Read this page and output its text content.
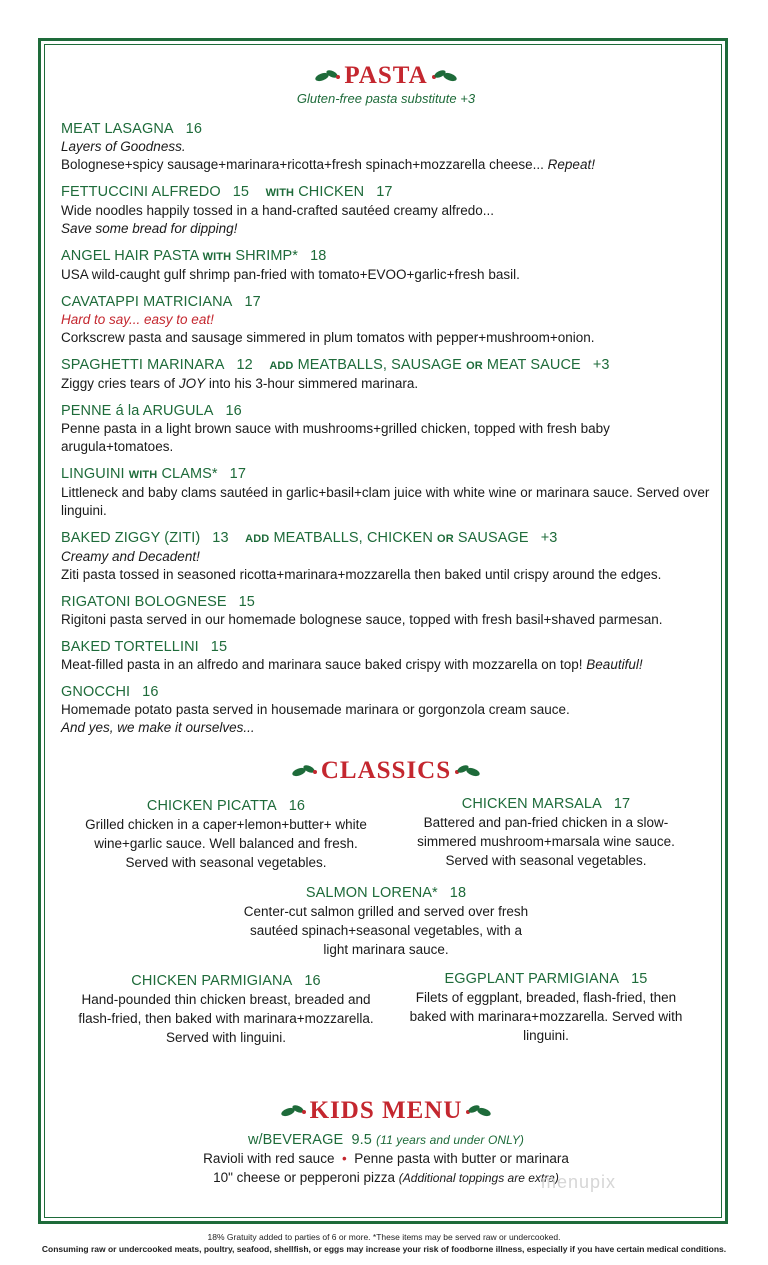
PASTA
Gluten-free pasta substitute +3
MEAT LASAGNA 16
Layers of Goodness.
Bolognese+spicy sausage+marinara+ricotta+fresh spinach+mozzarella cheese... Repeat!
FETTUCCINI ALFREDO 15 WITH CHICKEN 17
Wide noodles happily tossed in a hand-crafted sautéed creamy alfredo...
Save some bread for dipping!
ANGEL HAIR PASTA WITH SHRIMP* 18
USA wild-caught gulf shrimp pan-fried with tomato+EVOO+garlic+fresh basil.
CAVATAPPI MATRICIANA 17
Hard to say... easy to eat!
Corkscrew pasta and sausage simmered in plum tomatos with pepper+mushroom+onion.
SPAGHETTI MARINARA 12 ADD MEATBALLS, SAUSAGE OR MEAT SAUCE +3
Ziggy cries tears of JOY into his 3-hour simmered marinara.
PENNE á la ARUGULA 16
Penne pasta in a light brown sauce with mushrooms+grilled chicken, topped with fresh baby arugula+tomatoes.
LINGUINI WITH CLAMS* 17
Littleneck and baby clams sautéed in garlic+basil+clam juice with white wine or marinara sauce. Served over linguini.
BAKED ZIGGY (ZITI) 13 ADD MEATBALLS, CHICKEN OR SAUSAGE +3
Creamy and Decadent!
Ziti pasta tossed in seasoned ricotta+marinara+mozzarella then baked until crispy around the edges.
RIGATONI BOLOGNESE 15
Rigitoni pasta served in our homemade bolognese sauce, topped with fresh basil+shaved parmesan.
BAKED TORTELLINI 15
Meat-filled pasta in an alfredo and marinara sauce baked crispy with mozzarella on top! Beautiful!
GNOCCHI 16
Homemade potato pasta served in housemade marinara or gorgonzola cream sauce.
And yes, we make it ourselves...
CLASSICS
CHICKEN PICATTA 16
Grilled chicken in a caper+lemon+butter+ white wine+garlic sauce. Well balanced and fresh. Served with seasonal vegetables.
CHICKEN MARSALA 17
Battered and pan-fried chicken in a slow-simmered mushroom+marsala wine sauce. Served with seasonal vegetables.
SALMON LORENA* 18
Center-cut salmon grilled and served over fresh sautéed spinach+seasonal vegetables, with a light marinara sauce.
CHICKEN PARMIGIANA 16
Hand-pounded thin chicken breast, breaded and flash-fried, then baked with marinara+mozzarella. Served with linguini.
EGGPLANT PARMIGIANA 15
Filets of eggplant, breaded, flash-fried, then baked with marinara+mozzarella. Served with linguini.
KIDS MENU
w/BEVERAGE 9.5 (11 years and under ONLY)
Ravioli with red sauce • Penne pasta with butter or marinara
10" cheese or pepperoni pizza (Additional toppings are extra)
menupix
18% Gratuity added to parties of 6 or more. *These items may be served raw or undercooked.
Consuming raw or undercooked meats, poultry, seafood, shellfish, or eggs may increase your risk of foodborne illness, especially if you have certain medical conditions.
